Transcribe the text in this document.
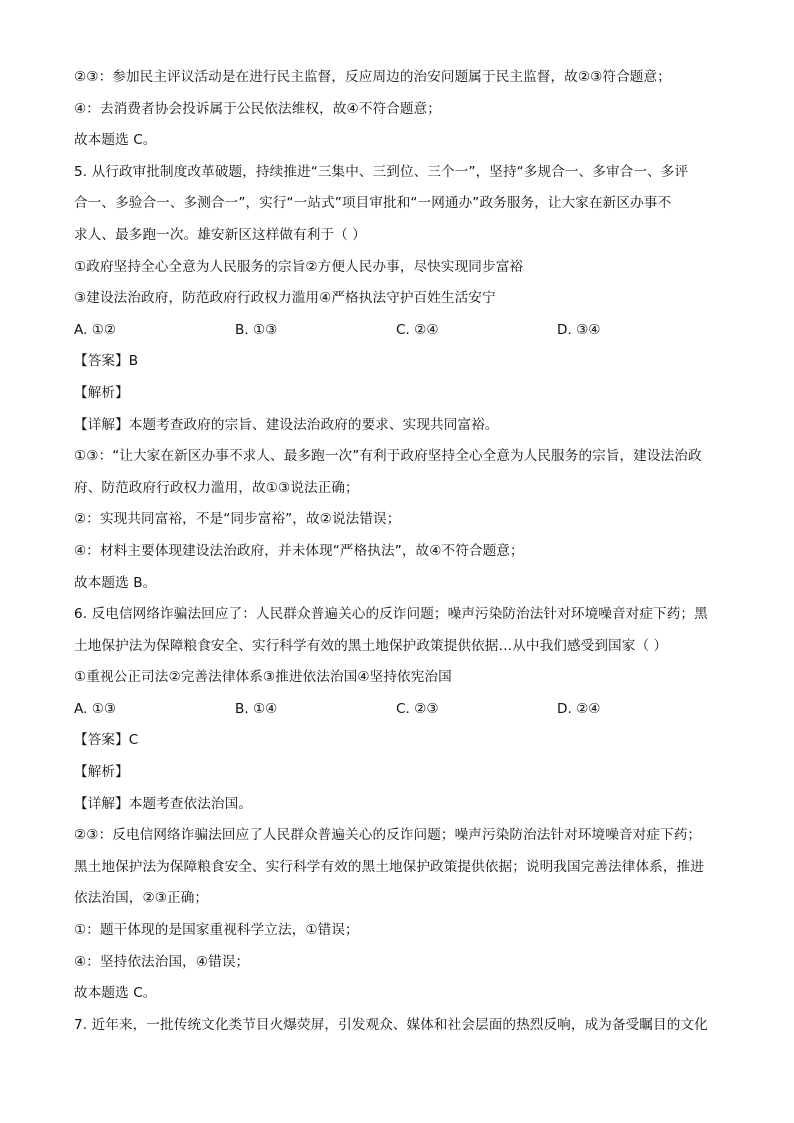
②③：参加民主评议活动是在进行民主监督，反应周边的治安问题属于民主监督，故②③符合题意；
④：去消费者协会投诉属于公民依法维权，故④不符合题意；
故本题选 C。
5. 从行政审批制度改革破题，持续推进“三集中、三到位、三个一”，坚持“多规合一、多审合一、多评
合一、多验合一、多测合一”，实行“一站式”项目审批和“一网通办”政务服务，让大家在新区办事不
求人、最多跑一次。雄安新区这样做有利于（ ）
①政府坚持全心全意为人民服务的宗旨②方便人民办事，尽快实现同步富裕
③建设法治政府，防范政府行政权力滥用④严格执法守护百姓生活安宁
A. ①②	B. ①③	C. ②④	D. ③④
【答案】B
【解析】
【详解】本题考查政府的宗旨、建设法治政府的要求、实现共同富裕。
①③：“让大家在新区办事不求人、最多跑一次”有利于政府坚持全心全意为人民服务的宗旨，建设法治政
府、防范政府行政权力滥用，故①③说法正确；
②：实现共同富裕，不是“同步富裕”，故②说法错误；
④：材料主要体现建设法治政府，并未体现“严格执法”，故④不符合题意；
故本题选 B。
6. 反电信网络诈骗法回应了：人民群众普遍关心的反诈问题；噪声污染防治法针对环境噪音对症下药；黑
土地保护法为保障粮食安全、实行科学有效的黑土地保护政策提供依据…从中我们感受到国家（ ）
①重视公正司法②完善法律体系③推进依法治国④坚持依宪治国
A. ①③	B. ①④	C. ②③	D. ②④
【答案】C
【解析】
【详解】本题考查依法治国。
②③：反电信网络诈骗法回应了人民群众普遍关心的反诈问题；噪声污染防治法针对环境噪音对症下药；
黑土地保护法为保障粮食安全、实行科学有效的黑土地保护政策提供依据；说明我国完善法律体系，推进
依法治国，②③正确；
①：题干体现的是国家重视科学立法，①错误；
④：坚持依法治国，④错误；
故本题选 C。
7. 近年来，一批传统文化类节目火爆荧屏，引发观众、媒体和社会层面的热烈反响，成为备受瞩目的文化
